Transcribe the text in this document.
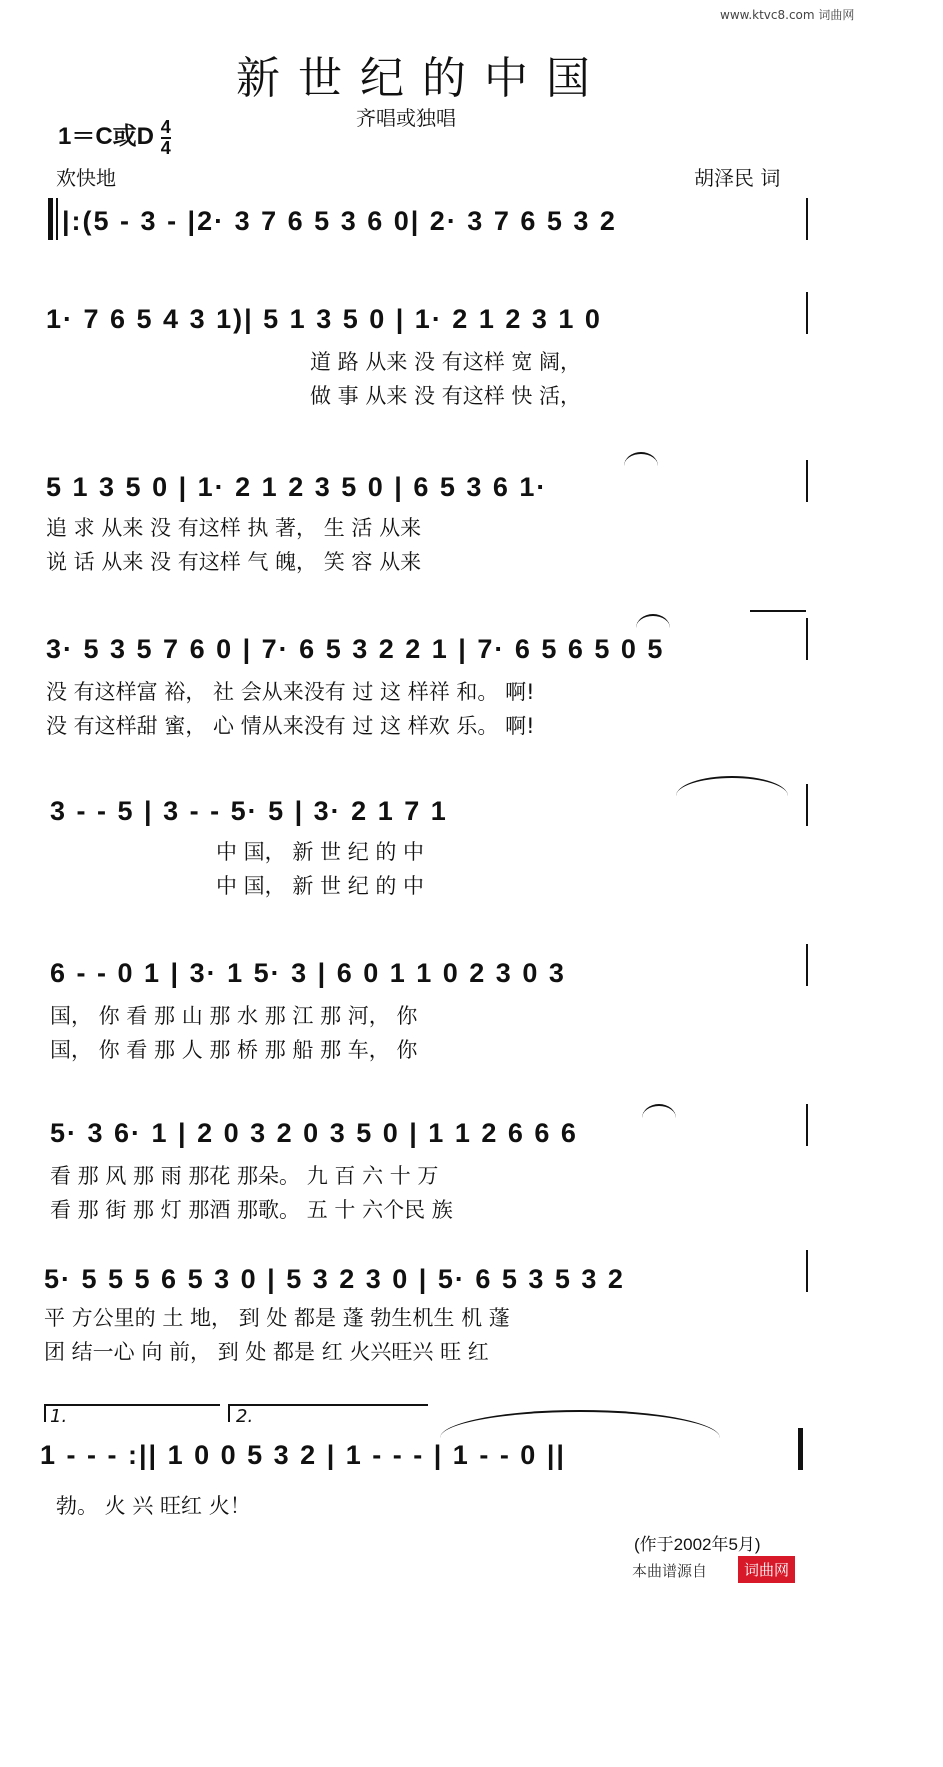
www.ktvc8.com 词曲网
新世纪的中国
齐唱或独唱
1＝C或D $\frac{4}{4}$
欢快地	胡泽民 词
|:(5 - 3 - |2· 3 7 6 5 3 6 0| 2· 3 7 6 5 3 2
1· 7 6 5 4 3 1)| 5 1 3 5 0 | 1· 2 1 2 3 1 0
道 路 从来 没 有这样 宽 阔，
做 事 从来 没 有这样 快 活，
5 1 3 5 0 | 1· 2 1 2 3 5 0 | 6 5 3 6 1·
追 求 从来 没 有这样 执 著， 生 活 从来
说 话 从来 没 有这样 气 魄， 笑 容 从来
3· 5 3 5 7 6 0 | 7· 6 5 3 2 2 1 | 7· 6 5 6 5 0 5
没 有这样富 裕， 社 会从来没有 过 这 样祥 和。 啊!
没 有这样甜 蜜， 心 情从来没有 过 这 样欢 乐。 啊!
3 - - 5 | 3 - - 5· 5 | 3· 2 1 7 1
中 国， 新 世 纪 的 中
中 国， 新 世 纪 的 中
6 - - 0 1 | 3· 1 5· 3 | 6 0 1 1 0 2 3 0 3
国， 你 看 那 山 那 水 那 江 那 河， 你
国， 你 看 那 人 那 桥 那 船 那 车， 你
5· 3 6· 1 | 2 0 3 2 0 3 5 0 | 1 1 2 6 6 6
看 那 风 那 雨 那花 那朵。 九 百 六 十 万
看 那 街 那 灯 那酒 那歌。 五 十 六个民 族
5· 5 5 5 6 5 3 0 | 5 3 2 3 0 | 5· 6 5 3 5 3 2
平 方公里的 土 地， 到 处 都是 蓬 勃生机生 机 蓬
团 结一心 向 前， 到 处 都是 红 火兴旺兴 旺 红
1.	2.
1 - - - :|| 1 0 0 5 3 2 | 1 - - - | 1 - - 0 ||
勃。 火 兴 旺红 火！
(作于2002年5月)
本曲谱源自	词曲网
